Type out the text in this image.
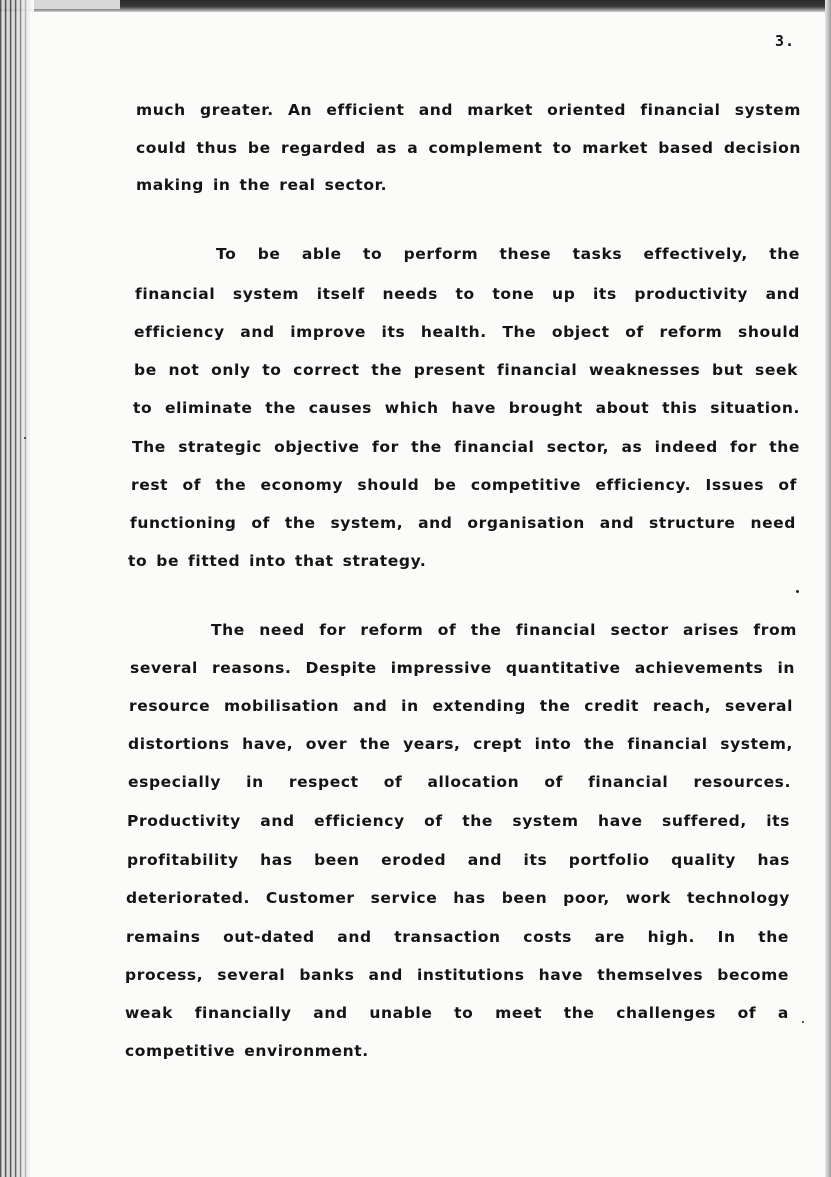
3.
much greater. An efficient and market oriented financial system
could thus be regarded as a complement to market based decision
making in the real sector.
To be able to perform these tasks effectively, the
financial system itself needs to tone up its productivity and
efficiency and improve its health. The object of reform should
be not only to correct the present financial weaknesses but seek
to eliminate the causes which have brought about this situation.
The strategic objective for the financial sector, as indeed for the
rest of the economy should be competitive efficiency. Issues of
functioning of the system, and organisation and structure need
to be fitted into that strategy.
The need for reform of the financial sector arises from
several reasons. Despite impressive quantitative achievements in
resource mobilisation and in extending the credit reach, several
distortions have, over the years, crept into the financial system,
especially in respect of allocation of financial resources.
Productivity and efficiency of the system have suffered, its
profitability has been eroded and its portfolio quality has
deteriorated. Customer service has been poor, work technology
remains out-dated and transaction costs are high. In the
process, several banks and institutions have themselves become
weak financially and unable to meet the challenges of a
competitive environment.
